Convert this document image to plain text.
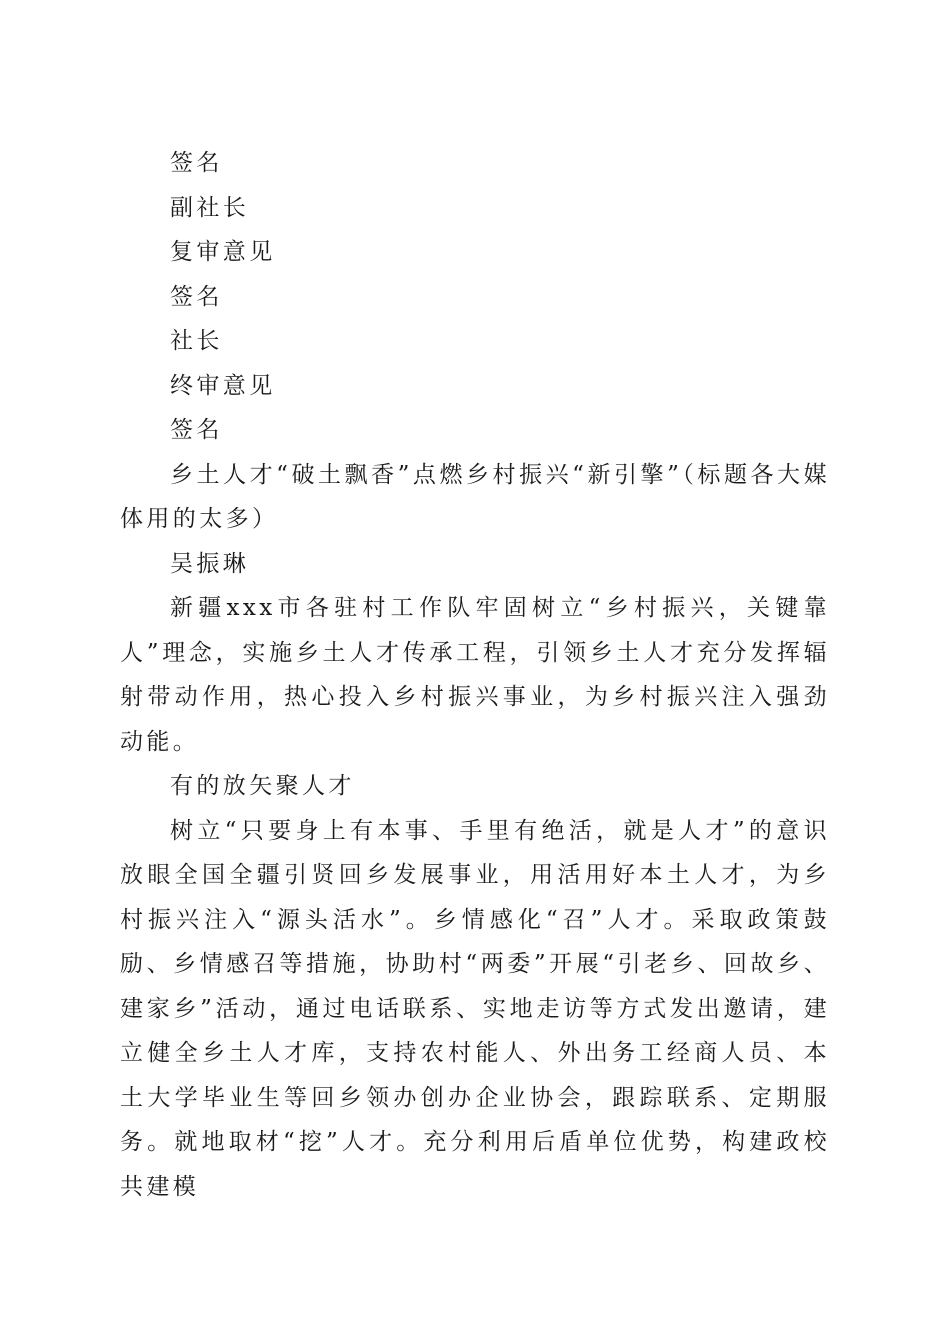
签名

副社长

复审意见

签名

社长

终审意见

签名

乡土人才“破土飘香”点燃乡村振兴“新引擎”（标题各大媒体用的太多）

吴振琳

新疆xxx市各驻村工作队牢固树立“乡村振兴，关键靠人”理念，实施乡土人才传承工程，引领乡土人才充分发挥辐射带动作用，热心投入乡村振兴事业，为乡村振兴注入强劲动能。

有的放矢聚人才

树立“只要身上有本事、手里有绝活，就是人才”的意识放眼全国全疆引贤回乡发展事业，用活用好本土人才，为乡村振兴注入“源头活水”。乡情感化“召”人才。采取政策鼓励、乡情感召等措施，协助村“两委”开展“引老乡、回故乡、建家乡”活动，通过电话联系、实地走访等方式发出邀请，建立健全乡土人才库，支持农村能人、外出务工经商人员、本土大学毕业生等回乡领办创办企业协会，跟踪联系、定期服务。就地取材“挖”人才。充分利用后盾单位优势，构建政校共建模
